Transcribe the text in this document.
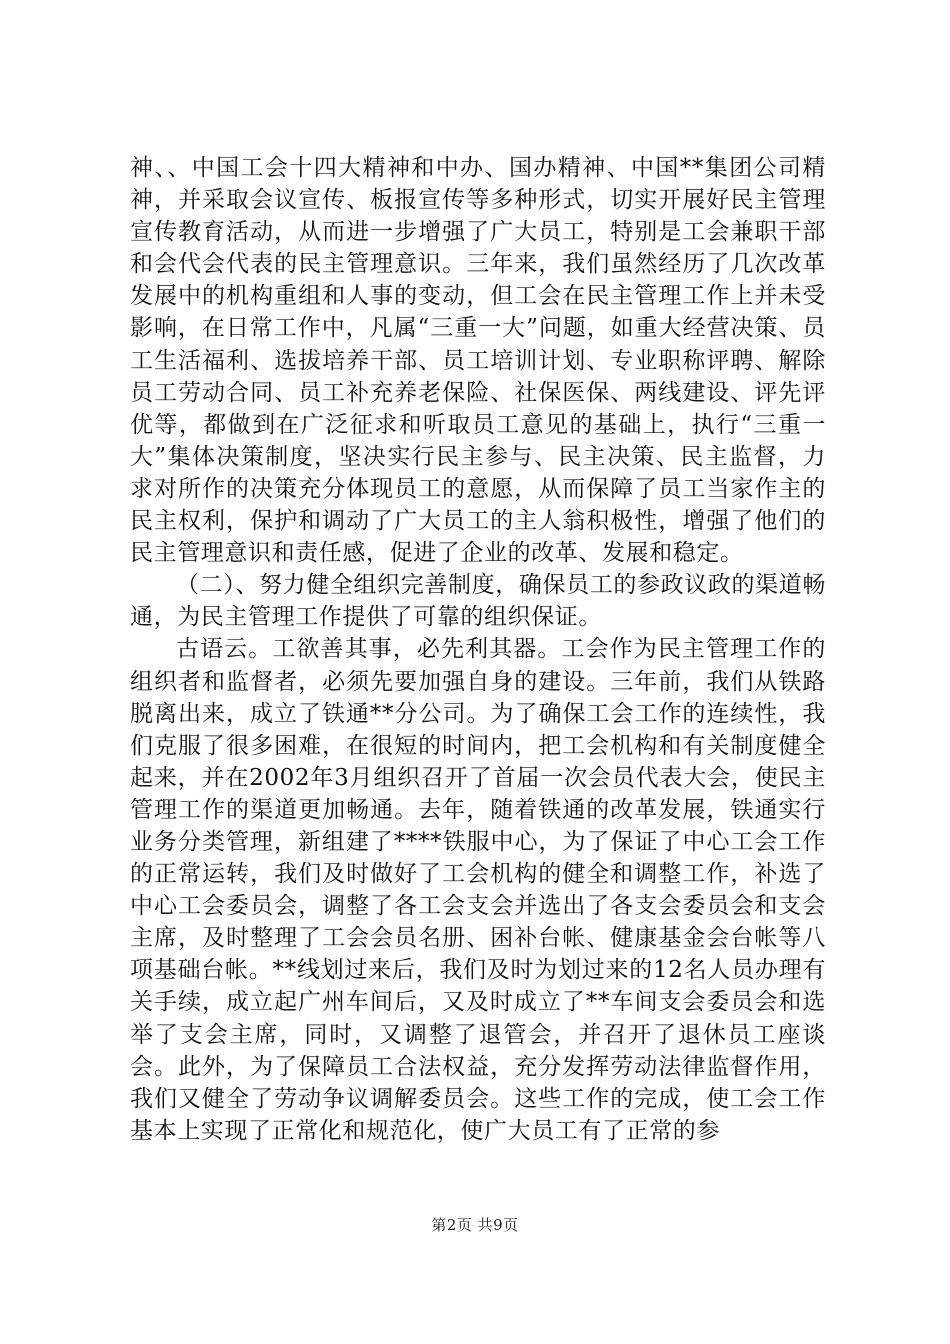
神、、中国工会十四大精神和中办、国办精神、中国**集团公司精神，并采取会议宣传、板报宣传等多种形式，切实开展好民主管理宣传教育活动，从而进一步增强了广大员工，特别是工会兼职干部和会代会代表的民主管理意识。三年来，我们虽然经历了几次改革发展中的机构重组和人事的变动，但工会在民主管理工作上并未受影响，在日常工作中，凡属“三重一大”问题，如重大经营决策、员工生活福利、选拔培养干部、员工培训计划、专业职称评聘、解除员工劳动合同、员工补充养老保险、社保医保、两线建设、评先评优等，都做到在广泛征求和听取员工意见的基础上，执行“三重一大”集体决策制度，坚决实行民主参与、民主决策、民主监督，力求对所作的决策充分体现员工的意愿，从而保障了员工当家作主的民主权利，保护和调动了广大员工的主人翁积极性，增强了他们的民主管理意识和责任感，促进了企业的改革、发展和稳定。

（二）、努力健全组织完善制度，确保员工的参政议政的渠道畅通，为民主管理工作提供了可靠的组织保证。

古语云。工欲善其事，必先利其器。工会作为民主管理工作的组织者和监督者，必须先要加强自身的建设。三年前，我们从铁路脱离出来，成立了铁通**分公司。为了确保工会工作的连续性，我们克服了很多困难，在很短的时间内，把工会机构和有关制度健全起来，并在2002年3月组织召开了首届一次会员代表大会，使民主管理工作的渠道更加畅通。去年，随着铁通的改革发展，铁通实行业务分类管理，新组建了****铁服中心，为了保证了中心工会工作的正常运转，我们及时做好了工会机构的健全和调整工作，补选了中心工会委员会，调整了各工会支会并选出了各支会委员会和支会主席，及时整理了工会会员名册、困补台帐、健康基金会台帐等八项基础台帐。**线划过来后，我们及时为划过来的12名人员办理有关手续，成立起广州车间后，又及时成立了**车间支会委员会和选举了支会主席，同时，又调整了退管会，并召开了退休员工座谈会。此外，为了保障员工合法权益，充分发挥劳动法律监督作用，我们又健全了劳动争议调解委员会。这些工作的完成，使工会工作基本上实现了正常化和规范化，使广大员工有了正常的参

第2页 共9页
